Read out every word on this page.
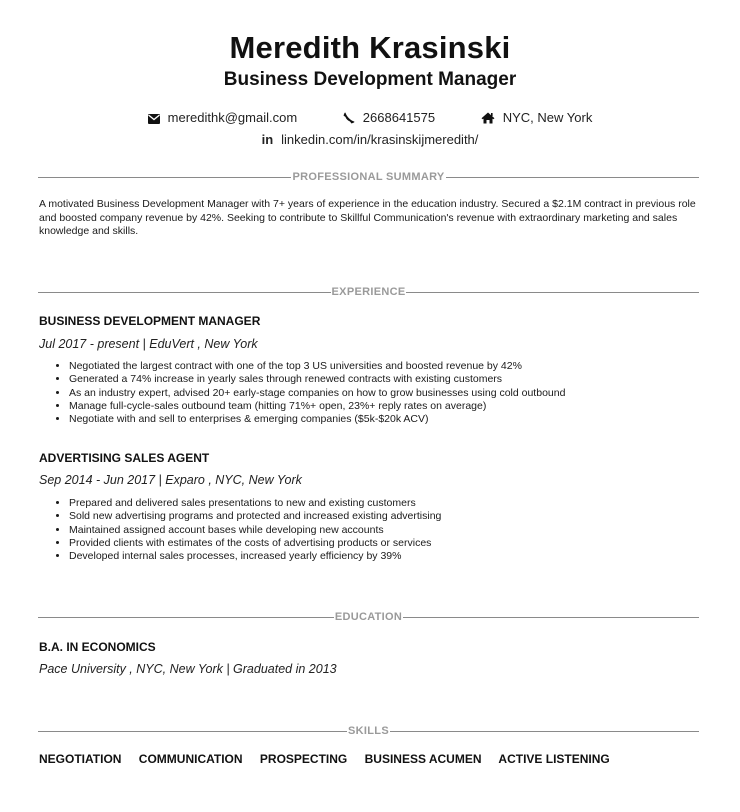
Meredith Krasinski
Business Development Manager
meredithk@gmail.com	2668641575	NYC, New York
in linkedin.com/in/krasinskijmeredith/
PROFESSIONAL SUMMARY
A motivated Business Development Manager with 7+ years of experience in the education industry. Secured a $2.1M contract in previous role and boosted company revenue by 42%. Seeking to contribute to Skillful Communication's revenue with extraordinary marketing and sales knowledge and skills.
EXPERIENCE
BUSINESS DEVELOPMENT MANAGER
Jul 2017 - present | EduVert , New York
• Negotiated the largest contract with one of the top 3 US universities and boosted revenue by 42%
• Generated a 74% increase in yearly sales through renewed contracts with existing customers
• As an industry expert, advised 20+ early-stage companies on how to grow businesses using cold outbound
• Manage full-cycle-sales outbound team (hitting 71%+ open, 23%+ reply rates on average)
• Negotiate with and sell to enterprises & emerging companies ($5k-$20k ACV)
ADVERTISING SALES AGENT
Sep 2014 - Jun 2017 | Exparo , NYC, New York
• Prepared and delivered sales presentations to new and existing customers
• Sold new advertising programs and protected and increased existing advertising
• Maintained assigned account bases while developing new accounts
• Provided clients with estimates of the costs of advertising products or services
• Developed internal sales processes, increased yearly efficiency by 39%
EDUCATION
B.A. IN ECONOMICS
Pace University , NYC, New York | Graduated in 2013
SKILLS
NEGOTIATION COMMUNICATION PROSPECTING BUSINESS ACUMEN ACTIVE LISTENING
